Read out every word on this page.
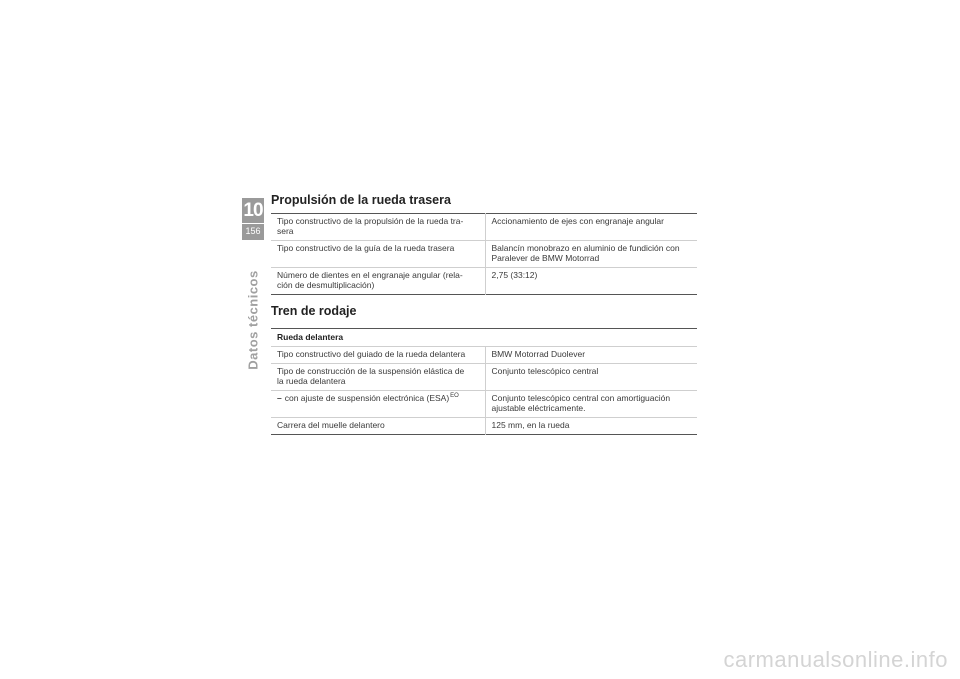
10
156
Datos técnicos
Propulsión de la rueda trasera
Tipo constructivo de la propulsión de la rueda tra-
sera	Accionamiento de ejes con engranaje angular
Tipo constructivo de la guía de la rueda trasera	Balancín monobrazo en aluminio de fundición con
Paralever de BMW Motorrad
Número de dientes en el engranaje angular (rela-
ción de desmultiplicación)	2,75 (33:12)
Tren de rodaje
Rueda delantera	
Tipo constructivo del guiado de la rueda delantera	BMW Motorrad Duolever
Tipo de construcción de la suspensión elástica de
la rueda delantera	Conjunto telescópico central
– con ajuste de suspensión electrónica (ESA)$^{EO}$	Conjunto telescópico central con amortiguación
ajustable eléctricamente.
Carrera del muelle delantero	125 mm, en la rueda
carmanualsonline.info
